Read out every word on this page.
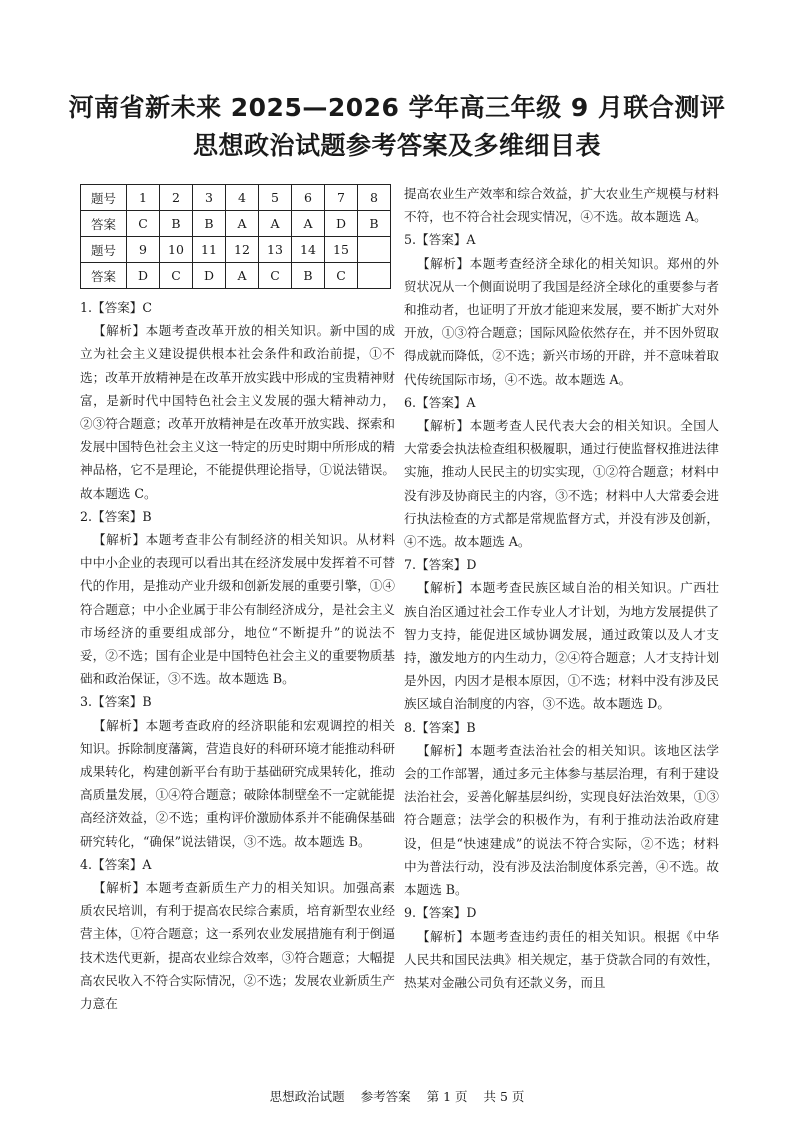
河南省新未来 2025—2026 学年高三年级 9 月联合测评
思想政治试题参考答案及多维细目表
题号	1	2	3	4	5	6	7	8
答案	C	B	B	A	A	A	D	B
题号	9	10	11	12	13	14	15	
答案	D	C	D	A	C	B	C	

1.【答案】C

【解析】本题考查改革开放的相关知识。新中国的成立为社会主义建设提供根本社会条件和政治前提，①不选；改革开放精神是在改革开放实践中形成的宝贵精神财富，是新时代中国特色社会主义发展的强大精神动力，②③符合题意；改革开放精神是在改革开放实践、探索和发展中国特色社会主义这一特定的历史时期中所形成的精神品格，它不是理论，不能提供理论指导，①说法错误。故本题选 C。

2.【答案】B

【解析】本题考查非公有制经济的相关知识。从材料中中小企业的表现可以看出其在经济发展中发挥着不可替代的作用，是推动产业升级和创新发展的重要引擎，①④符合题意；中小企业属于非公有制经济成分，是社会主义市场经济的重要组成部分，地位“不断提升”的说法不妥，②不选；国有企业是中国特色社会主义的重要物质基础和政治保证，③不选。故本题选 B。

3.【答案】B

【解析】本题考查政府的经济职能和宏观调控的相关知识。拆除制度藩篱，营造良好的科研环境才能推动科研成果转化，构建创新平台有助于基础研究成果转化，推动高质量发展，①④符合题意；破除体制壁垒不一定就能提高经济效益，②不选；重构评价激励体系并不能确保基础研究转化，“确保”说法错误，③不选。故本题选 B。

4.【答案】A

【解析】本题考查新质生产力的相关知识。加强高素质农民培训，有利于提高农民综合素质，培育新型农业经营主体，①符合题意；这一系列农业发展措施有利于倒逼技术迭代更新，提高农业综合效率，③符合题意；大幅提高农民收入不符合实际情况，②不选；发展农业新质生产力意在

提高农业生产效率和综合效益，扩大农业生产规模与材料不符，也不符合社会现实情况，④不选。故本题选 A。

5.【答案】A

【解析】本题考查经济全球化的相关知识。郑州的外贸状况从一个侧面说明了我国是经济全球化的重要参与者和推动者，也证明了开放才能迎来发展，要不断扩大对外开放，①③符合题意；国际风险依然存在，并不因外贸取得成就而降低，②不选；新兴市场的开辟，并不意味着取代传统国际市场，④不选。故本题选 A。

6.【答案】A

【解析】本题考查人民代表大会的相关知识。全国人大常委会执法检查组积极履职，通过行使监督权推进法律实施，推动人民民主的切实实现，①②符合题意；材料中没有涉及协商民主的内容，③不选；材料中人大常委会进行执法检查的方式都是常规监督方式，并没有涉及创新，④不选。故本题选 A。

7.【答案】D

【解析】本题考查民族区域自治的相关知识。广西壮族自治区通过社会工作专业人才计划，为地方发展提供了智力支持，能促进区域协调发展，通过政策以及人才支持，激发地方的内生动力，②④符合题意；人才支持计划是外因，内因才是根本原因，①不选；材料中没有涉及民族区域自治制度的内容，③不选。故本题选 D。

8.【答案】B

【解析】本题考查法治社会的相关知识。该地区法学会的工作部署，通过多元主体参与基层治理，有利于建设法治社会，妥善化解基层纠纷，实现良好法治效果，①③符合题意；法学会的积极作为，有利于推动法治政府建设，但是“快速建成”的说法不符合实际，②不选；材料中为普法行动，没有涉及法治制度体系完善，④不选。故本题选 B。

9.【答案】D

【解析】本题考查违约责任的相关知识。根据《中华人民共和国民法典》相关规定，基于贷款合同的有效性，热某对金融公司负有还款义务，而且

思想政治试题 参考答案 第 1 页 共 5 页
